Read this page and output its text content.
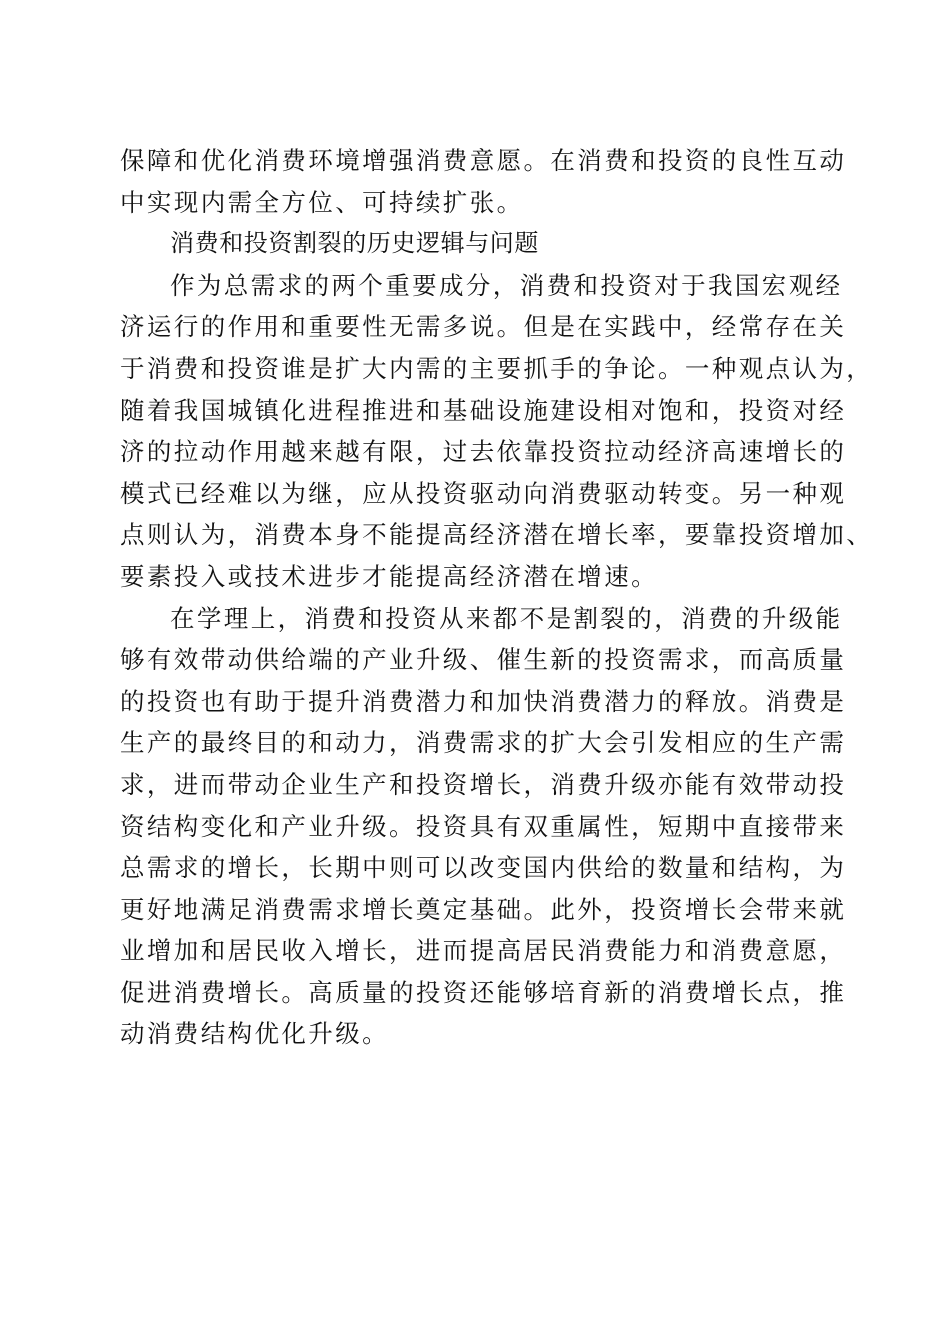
保障和优化消费环境增强消费意愿。在消费和投资的良性互动
中实现内需全方位、可持续扩张。
消费和投资割裂的历史逻辑与问题
作为总需求的两个重要成分，消费和投资对于我国宏观经
济运行的作用和重要性无需多说。但是在实践中，经常存在关
于消费和投资谁是扩大内需的主要抓手的争论。一种观点认为，
随着我国城镇化进程推进和基础设施建设相对饱和，投资对经
济的拉动作用越来越有限，过去依靠投资拉动经济高速增长的
模式已经难以为继，应从投资驱动向消费驱动转变。另一种观
点则认为，消费本身不能提高经济潜在增长率，要靠投资增加、
要素投入或技术进步才能提高经济潜在增速。
在学理上，消费和投资从来都不是割裂的，消费的升级能
够有效带动供给端的产业升级、催生新的投资需求，而高质量
的投资也有助于提升消费潜力和加快消费潜力的释放。消费是
生产的最终目的和动力，消费需求的扩大会引发相应的生产需
求，进而带动企业生产和投资增长，消费升级亦能有效带动投
资结构变化和产业升级。投资具有双重属性，短期中直接带来
总需求的增长，长期中则可以改变国内供给的数量和结构，为
更好地满足消费需求增长奠定基础。此外，投资增长会带来就
业增加和居民收入增长，进而提高居民消费能力和消费意愿，
促进消费增长。高质量的投资还能够培育新的消费增长点，推
动消费结构优化升级。
